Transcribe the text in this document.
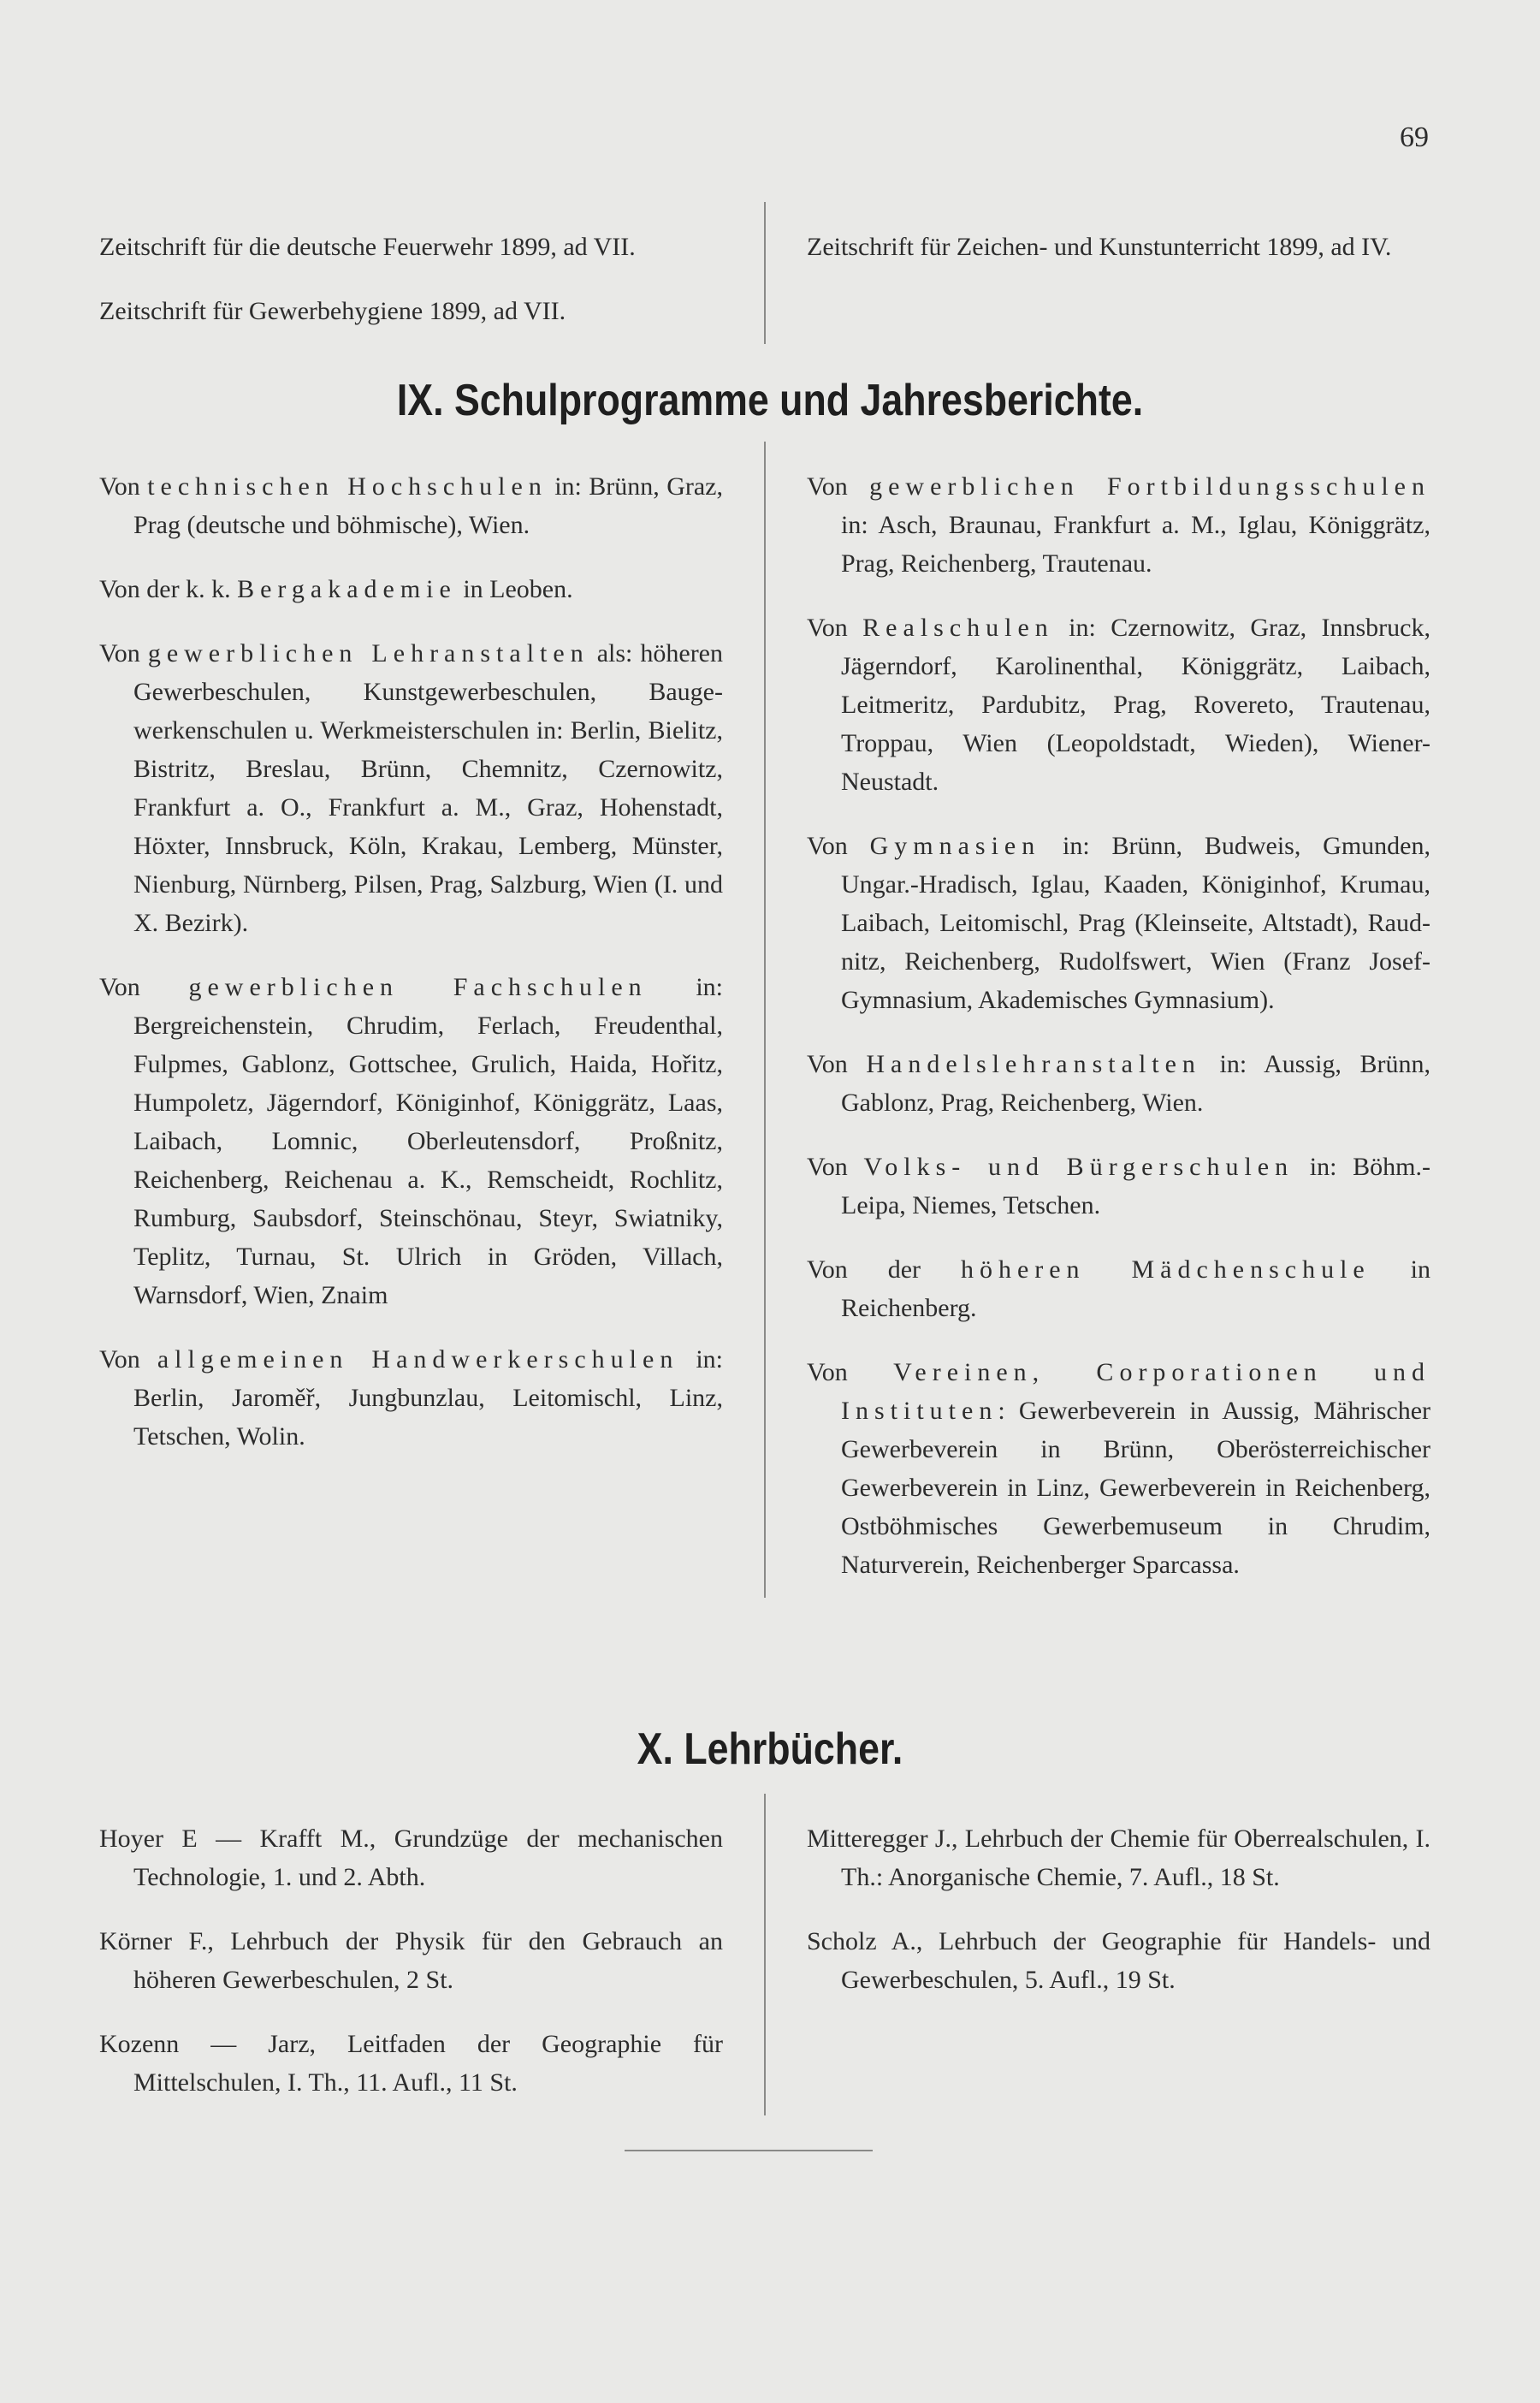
69

Zeitschrift für die deutsche Feuerwehr 1899, ad VII.

Zeitschrift für Gewerbehygiene 1899, ad VII.

Zeitschrift für Zeichen- und Kunstunterricht 1899, ad IV.

IX. Schulprogramme und Jahresberichte.

Von technischen Hochschulen in: Brünn, Graz, Prag (deutsche und böhmische), Wien.

Von der k. k. Bergakademie in Leoben.

Von gewerblichen Lehranstalten als: höheren Gewerbeschulen, Kunstgewerbeschulen, Baugewerkenschulen u. Werkmeisterschulen in: Berlin, Bielitz, Bistritz, Breslau, Brünn, Chemnitz, Czernowitz, Frankfurt a. O., Frankfurt a. M., Graz, Hohenstadt, Höxter, Innsbruck, Köln, Krakau, Lemberg, Münster, Nienburg, Nürnberg, Pilsen, Prag, Salzburg, Wien (I. und X. Bezirk).

Von gewerblichen Fachschulen in: Bergreichenstein, Chrudim, Ferlach, Freudenthal, Fulpmes, Gablonz, Gottschee, Grulich, Haida, Hořitz, Humpoletz, Jägerndorf, Königinhof, Königgrätz, Laas, Laibach, Lomnic, Oberleutensdorf, Proßnitz, Reichenberg, Reichenau a. K., Remscheidt, Rochlitz, Rumburg, Saubsdorf, Steinschönau, Steyr, Swiatniky, Teplitz, Turnau, St. Ulrich in Gröden, Villach, Warnsdorf, Wien, Znaim

Von allgemeinen Handwerkerschulen in: Berlin, Jaroměř, Jungbunzlau, Leitomischl, Linz, Tetschen, Wolin.

Von gewerblichen Fortbildungsschulen in: Asch, Braunau, Frankfurt a. M., Iglau, Königgrätz, Prag, Reichenberg, Trautenau.

Von Realschulen in: Czernowitz, Graz, Innsbruck, Jägerndorf, Karolinenthal, Königgrätz, Laibach, Leitmeritz, Pardubitz, Prag, Rovereto, Trautenau, Troppau, Wien (Leopoldstadt, Wieden), Wiener-Neustadt.

Von Gymnasien in: Brünn, Budweis, Gmunden, Ungar.-Hradisch, Iglau, Kaaden, Königinhof, Krumau, Laibach, Leitomischl, Prag (Kleinseite, Altstadt), Raudnitz, Reichenberg, Rudolfswert, Wien (Franz Josef-Gymnasium, Akademisches Gymnasium).

Von Handelslehranstalten in: Aussig, Brünn, Gablonz, Prag, Reichenberg, Wien.

Von Volks- und Bürgerschulen in: Böhm.-Leipa, Niemes, Tetschen.

Von der höheren Mädchenschule in Reichenberg.

Von Vereinen, Corporationen und Instituten: Gewerbeverein in Aussig, Mährischer Gewerbeverein in Brünn, Oberösterreichischer Gewerbeverein in Linz, Gewerbeverein in Reichenberg, Ostböhmisches Gewerbemuseum in Chrudim, Naturverein, Reichenberger Sparcassa.

X. Lehrbücher.

Hoyer E — Krafft M., Grundzüge der mechanischen Technologie, 1. und 2. Abth.

Körner F., Lehrbuch der Physik für den Gebrauch an höheren Gewerbeschulen, 2 St.

Kozenn — Jarz, Leitfaden der Geographie für Mittelschulen, I. Th., 11. Aufl., 11 St.

Mitteregger J., Lehrbuch der Chemie für Oberrealschulen, I. Th.: Anorganische Chemie, 7. Aufl., 18 St.

Scholz A., Lehrbuch der Geographie für Handels- und Gewerbeschulen, 5. Aufl., 19 St.
